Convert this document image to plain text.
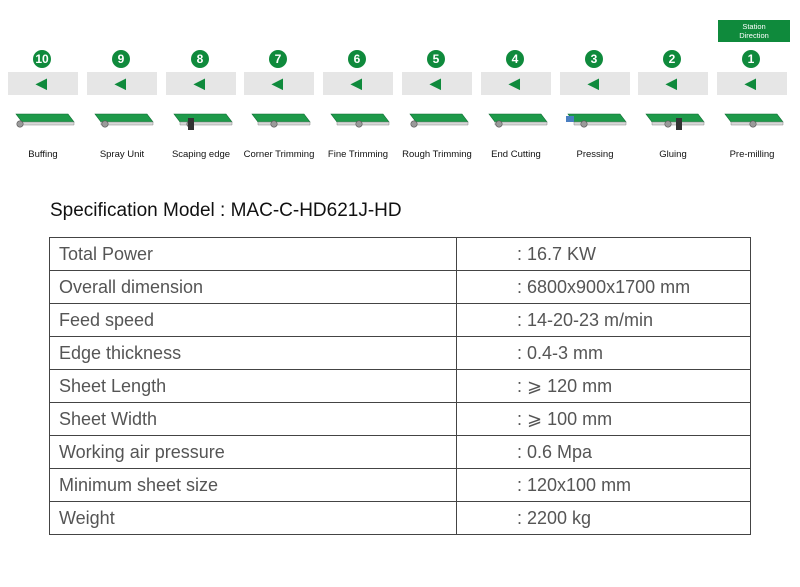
Station
Direction
10
◀
Buffing
9
◀
Spray Unit
8
◀
Scaping edge
7
◀
Corner Trimming
6
◀
Fine Trimming
5
◀
Rough Trimming
4
◀
End Cutting
3
◀
Pressing
2
◀
Gluing
1
◀
Pre-milling
Specification Model : MAC-C-HD621J-HD
Total Power	: 16.7 KW
Overall dimension	: 6800x900x1700 mm
Feed speed	: 14-20-23 m/min
Edge thickness	: 0.4-3 mm
Sheet Length	: ⩾ 120 mm
Sheet Width	: ⩾ 100 mm
Working air pressure	: 0.6 Mpa
Minimum sheet size	: 120x100 mm
Weight	: 2200 kg
